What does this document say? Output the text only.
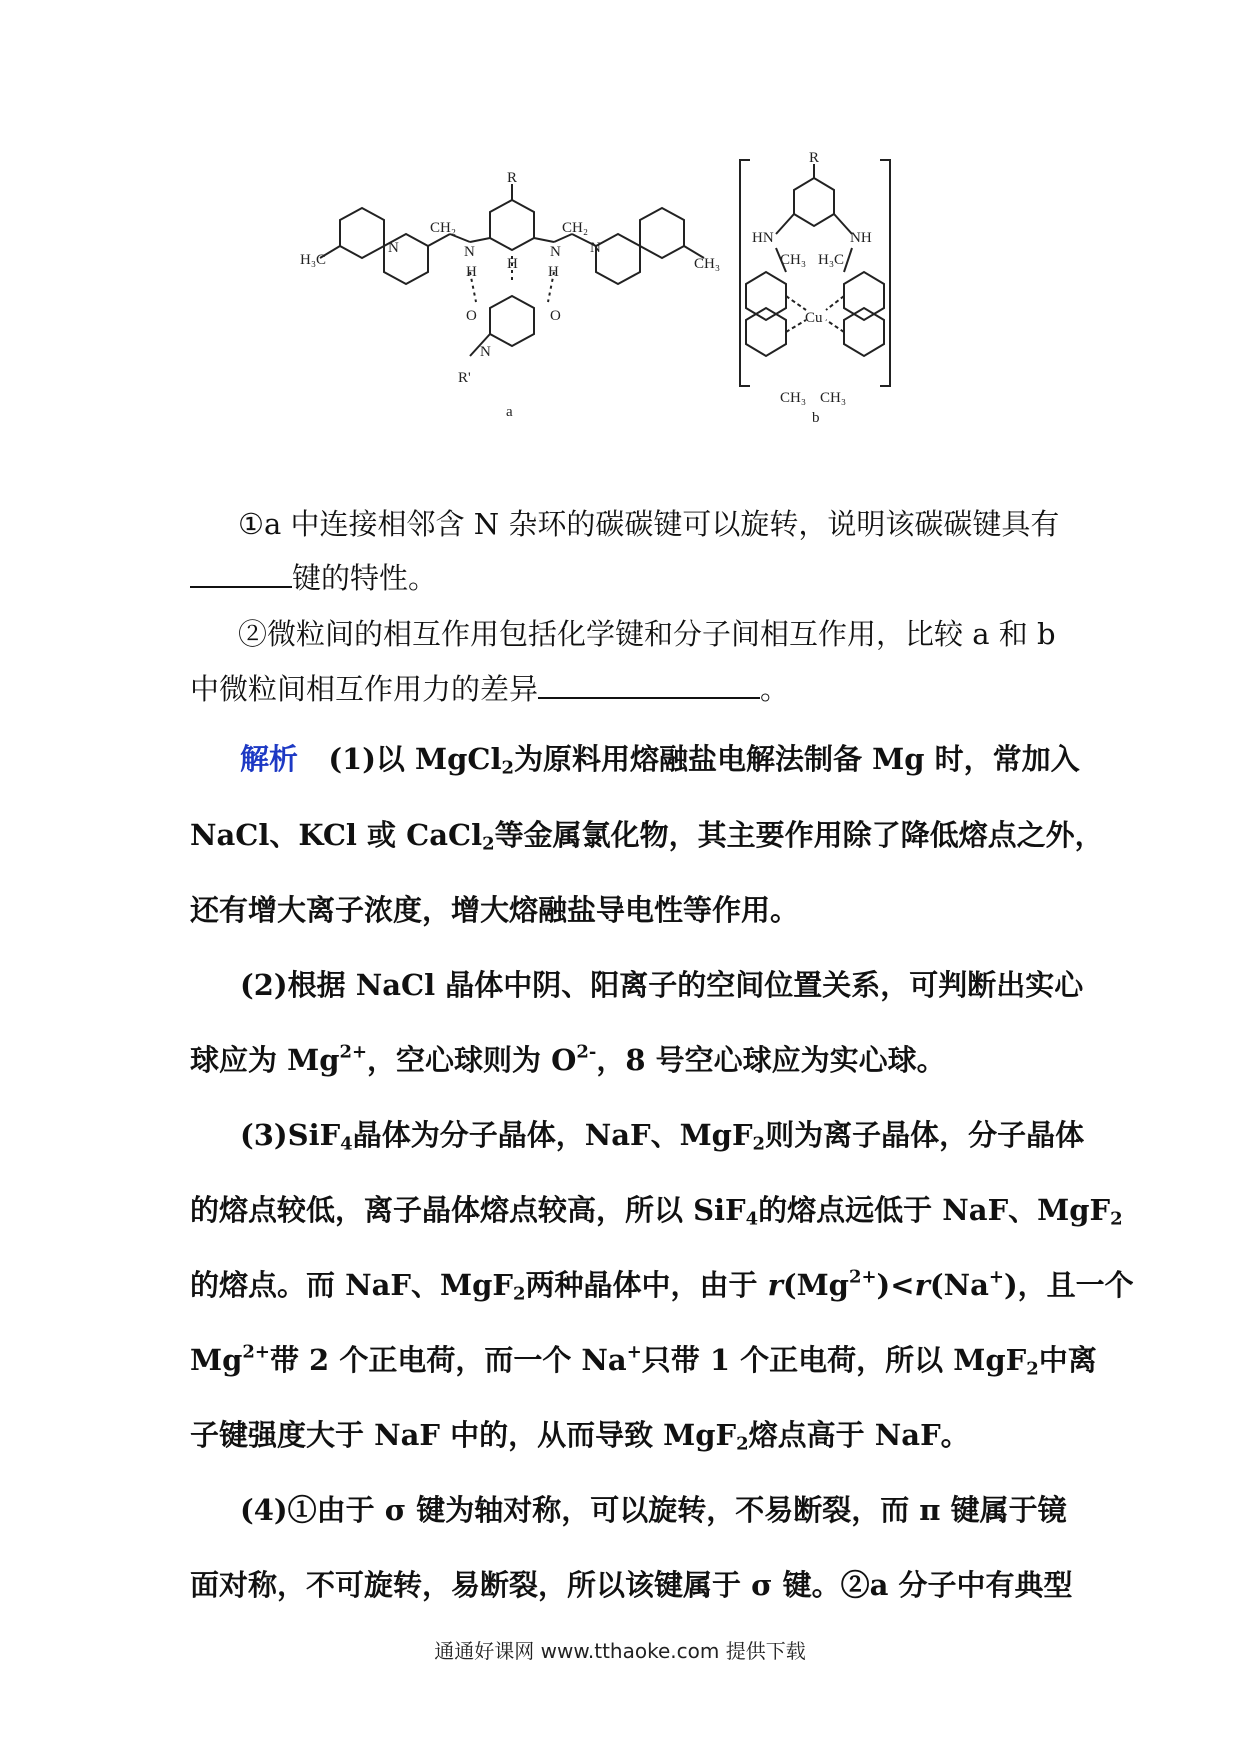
H₃C
N
CH₂
R
N
H H H
N
CH₂
N
CH₃
O	O
N
R'
a
R
HN	NH
CH₃ H₃C
Cu
CH₃ CH₃
b
①a 中连接相邻含 N 杂环的碳碳键可以旋转，说明该碳碳键具有
键的特性。
②微粒间的相互作用包括化学键和分子间相互作用，比较 a 和 b
中微粒间相互作用力的差异	。
解析 (1)以 MgCl$_2$为原料用熔融盐电解法制备 Mg 时，常加入
NaCl、KCl 或 CaCl$_2$等金属氯化物，其主要作用除了降低熔点之外，
还有增大离子浓度，增大熔融盐导电性等作用。
(2)根据 NaCl 晶体中阴、阳离子的空间位置关系，可判断出实心
球应为 $Mg^{2+}$，空心球则为 $O^{2-}$，8 号空心球应为实心球。
(3)SiF$_4$晶体为分子晶体，NaF、MgF$_2$则为离子晶体，分子晶体
的熔点较低，离子晶体熔点较高，所以 SiF$_4$的熔点远低于 NaF、MgF$_2$
的熔点。而 NaF、MgF$_2$两种晶体中，由于 $r(Mg^{2+})<r(Na^+)$，且一个
$Mg^{2+}$带 2 个正电荷，而一个 Na+只带 1 个正电荷，所以 MgF$_2$中离
子键强度大于 NaF 中的，从而导致 MgF$_2$熔点高于 NaF。
(4)①由于 σ 键为轴对称，可以旋转，不易断裂，而 π 键属于镜
面对称，不可旋转，易断裂，所以该键属于 σ 键。②a 分子中有典型
通通好课网 www.tthaoke.com 提供下载
